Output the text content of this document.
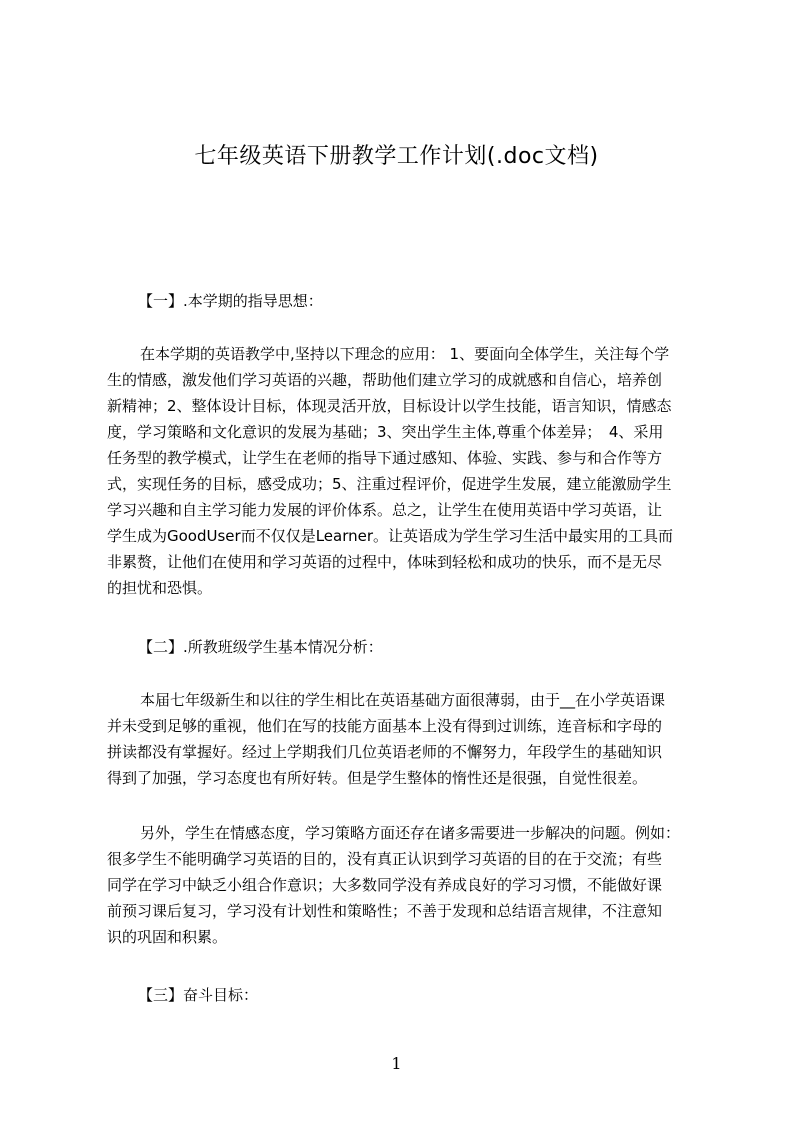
七年级英语下册教学工作计划(.doc文档)
【一】.本学期的指导思想：
在本学期的英语教学中,坚持以下理念的应用： 1、要面向全体学生，关注每个学
生的情感，激发他们学习英语的兴趣，帮助他们建立学习的成就感和自信心，培养创
新精神；2、整体设计目标，体现灵活开放，目标设计以学生技能，语言知识，情感态
度，学习策略和文化意识的发展为基础；3、突出学生主体,尊重个体差异；　4、采用
任务型的教学模式，让学生在老师的指导下通过感知、体验、实践、参与和合作等方
式，实现任务的目标，感受成功；5、注重过程评价，促进学生发展，建立能激励学生
学习兴趣和自主学习能力发展的评价体系。总之，让学生在使用英语中学习英语，让
学生成为GoodUser而不仅仅是Learner。让英语成为学生学习生活中最实用的工具而
非累赘，让他们在使用和学习英语的过程中，体味到轻松和成功的快乐，而不是无尽
的担忧和恐惧。
【二】.所教班级学生基本情况分析：
本届七年级新生和以往的学生相比在英语基础方面很薄弱，由于__在小学英语课
并未受到足够的重视，他们在写的技能方面基本上没有得到过训练，连音标和字母的
拼读都没有掌握好。经过上学期我们几位英语老师的不懈努力，年段学生的基础知识
得到了加强，学习态度也有所好转。但是学生整体的惰性还是很强，自觉性很差。
另外，学生在情感态度，学习策略方面还存在诸多需要进一步解决的问题。例如：
很多学生不能明确学习英语的目的，没有真正认识到学习英语的目的在于交流；有些
同学在学习中缺乏小组合作意识；大多数同学没有养成良好的学习习惯，不能做好课
前预习课后复习，学习没有计划性和策略性；不善于发现和总结语言规律，不注意知
识的巩固和积累。
【三】奋斗目标：
1
